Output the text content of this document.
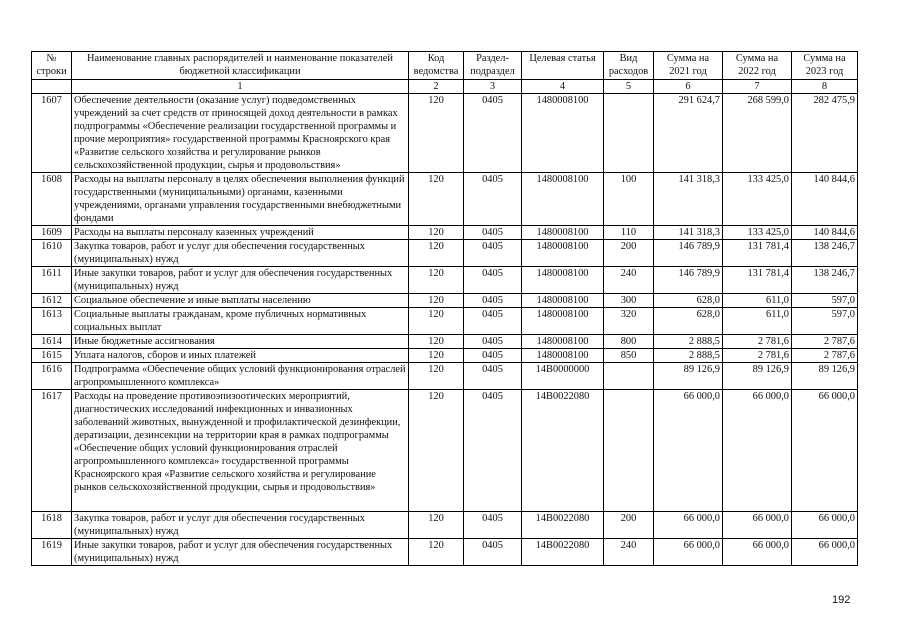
№ строки	Наименование главных распорядителей и наименование показателей бюджетной классификации	Код ведомства	Раздел-подраздел	Целевая статья	Вид расходов	Сумма на 2021 год	Сумма на 2022 год	Сумма на 2023 год
	1	2	3	4	5	6	7	8
1607	Обеспечение деятельности (оказание услуг) подведомственных учреждений за счет средств от приносящей доход деятельности в рамках подпрограммы «Обеспечение реализации государственной программы и прочие мероприятия» государственной программы Красноярского края «Развитие сельского хозяйства и регулирование рынков сельскохозяйственной продукции, сырья и продовольствия»	120	0405	1480008100		291 624,7	268 599,0	282 475,9
1608	Расходы на выплаты персоналу в целях обеспечения выполнения функций государственными (муниципальными) органами, казенными учреждениями, органами управления государственными внебюджетными фондами	120	0405	1480008100	100	141 318,3	133 425,0	140 844,6
1609	Расходы на выплаты персоналу казенных учреждений	120	0405	1480008100	110	141 318,3	133 425,0	140 844,6
1610	Закупка товаров, работ и услуг для обеспечения государственных (муниципальных) нужд	120	0405	1480008100	200	146 789,9	131 781,4	138 246,7
1611	Иные закупки товаров, работ и услуг для обеспечения государственных (муниципальных) нужд	120	0405	1480008100	240	146 789,9	131 781,4	138 246,7
1612	Социальное обеспечение и иные выплаты населению	120	0405	1480008100	300	628,0	611,0	597,0
1613	Социальные выплаты гражданам, кроме публичных нормативных социальных выплат	120	0405	1480008100	320	628,0	611,0	597,0
1614	Иные бюджетные ассигнования	120	0405	1480008100	800	2 888,5	2 781,6	2 787,6
1615	Уплата налогов, сборов и иных платежей	120	0405	1480008100	850	2 888,5	2 781,6	2 787,6
1616	Подпрограмма «Обеспечение общих условий функционирования отраслей агропромышленного комплекса»	120	0405	14В0000000		89 126,9	89 126,9	89 126,9
1617	Расходы на проведение противоэпизоотических мероприятий, диагностических исследований инфекционных и инвазионных заболеваний животных, вынужденной и профилактической дезинфекции, дератизации, дезинсекции на территории края в рамках подпрограммы «Обеспечение общих условий функционирования отраслей агропромышленного комплекса» государственной программы Красноярского края «Развитие сельского хозяйства и регулирование рынков сельскохозяйственной продукции, сырья и продовольствия»	120	0405	14В0022080		66 000,0	66 000,0	66 000,0
1618	Закупка товаров, работ и услуг для обеспечения государственных (муниципальных) нужд	120	0405	14В0022080	200	66 000,0	66 000,0	66 000,0
1619	Иные закупки товаров, работ и услуг для обеспечения государственных (муниципальных) нужд	120	0405	14В0022080	240	66 000,0	66 000,0	66 000,0
192
